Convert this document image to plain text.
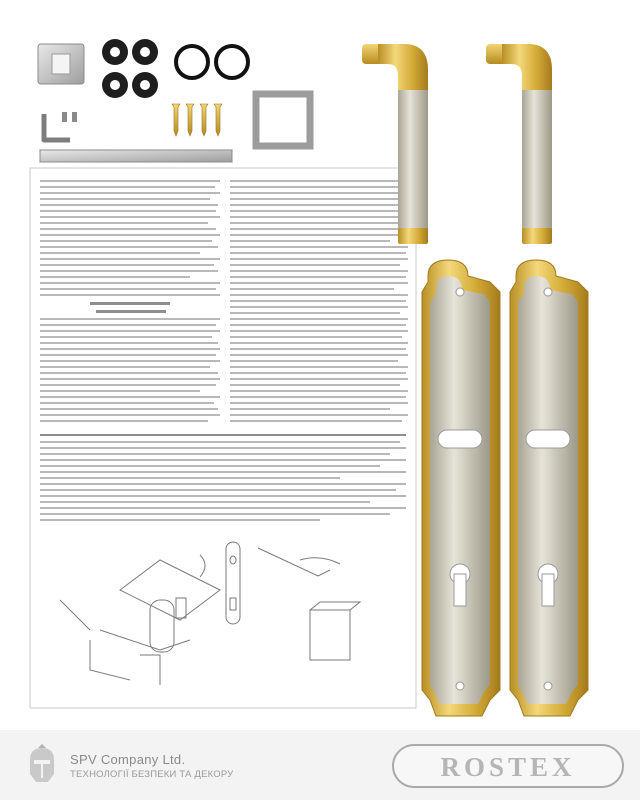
SPV Company Ltd.
ТЕХНОЛОГІЇ БЕЗПЕКИ ТА ДЕКОРУ	ROSTEX
